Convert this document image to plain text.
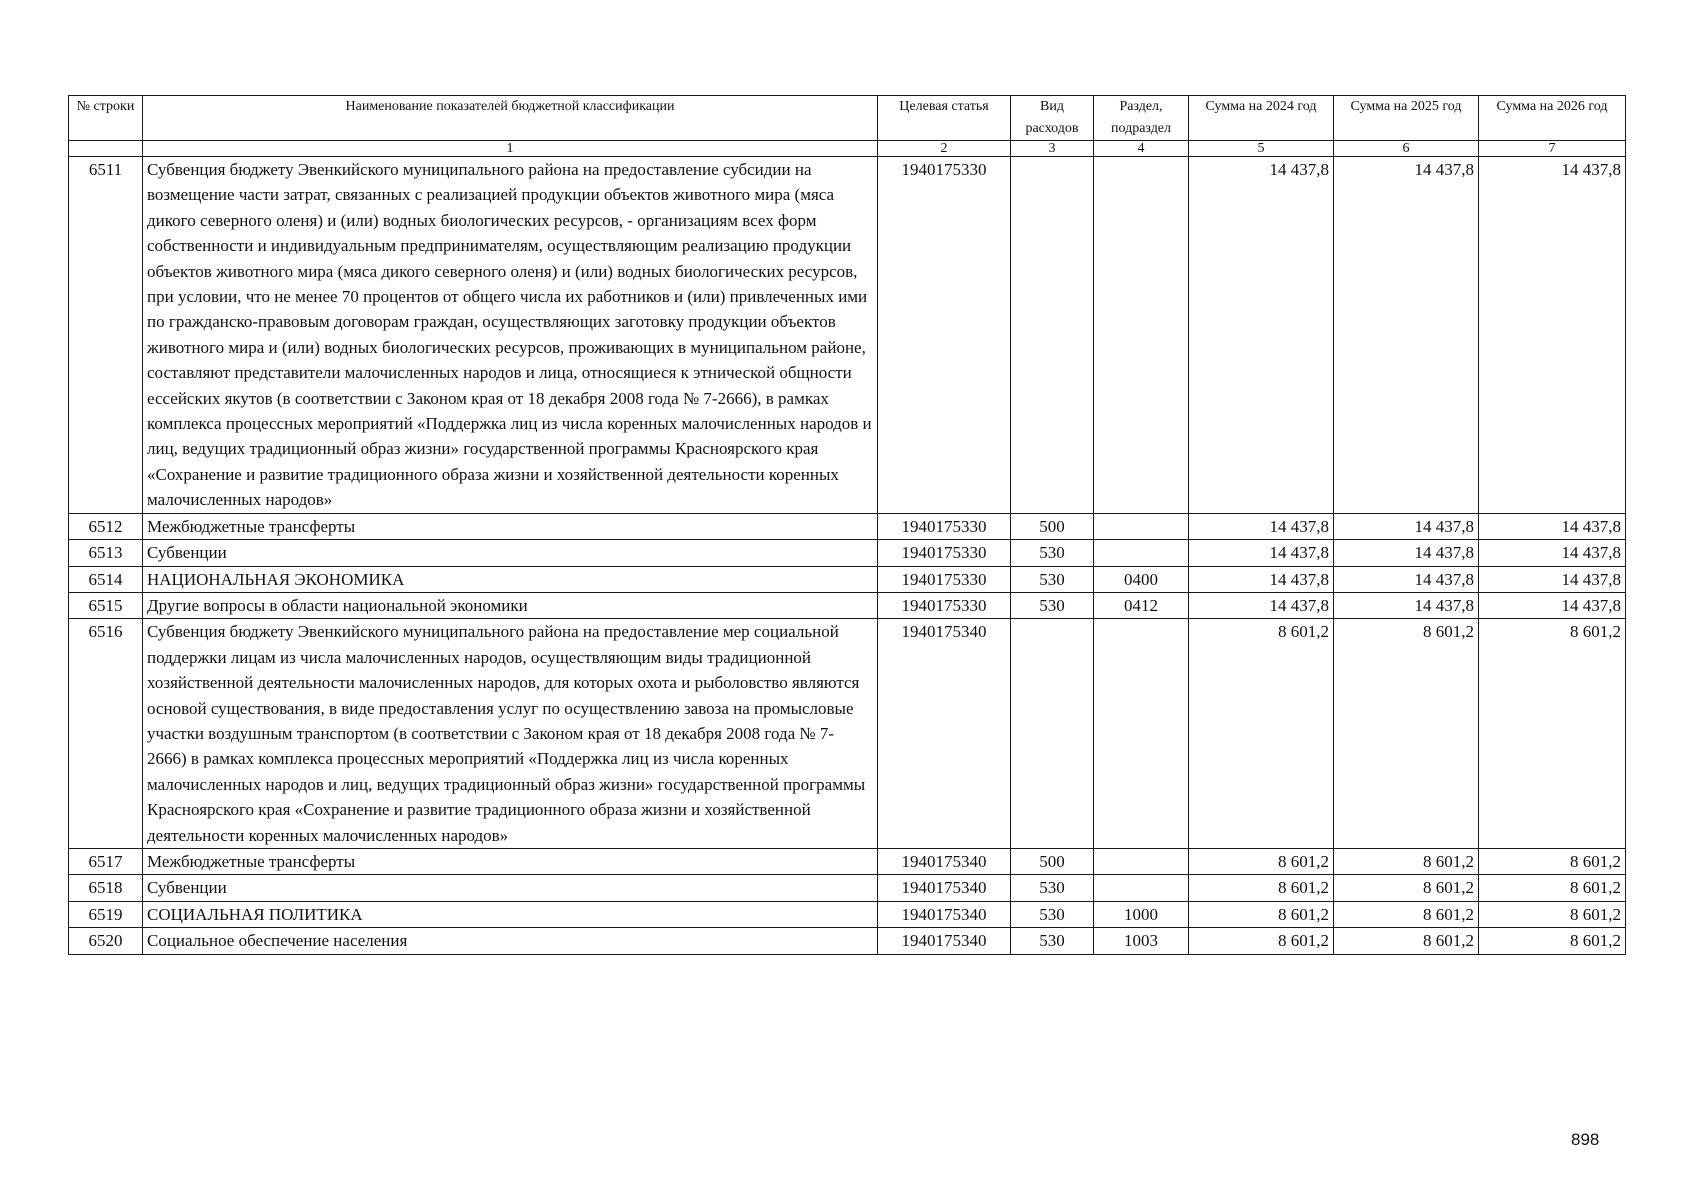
№ строки	Наименование показателей бюджетной классификации	Целевая статья	Вид расходов	Раздел, подраздел	Сумма на 2024 год	Сумма на 2025 год	Сумма на 2026 год
	1	2	3	4	5	6	7
6511	Субвенция бюджету Эвенкийского муниципального района на предоставление субсидии на возмещение части затрат, связанных с реализацией продукции объектов животного мира (мяса дикого северного оленя) и (или) водных биологических ресурсов, - организациям всех форм собственности и индивидуальным предпринимателям, осуществляющим реализацию продукции объектов животного мира (мяса дикого северного оленя) и (или) водных биологических ресурсов, при условии, что не менее 70 процентов от общего числа их работников и (или) привлеченных ими по гражданско-правовым договорам граждан, осуществляющих заготовку продукции объектов животного мира и (или) водных биологических ресурсов, проживающих в муниципальном районе, составляют представители малочисленных народов и лица, относящиеся к этнической общности ессейских якутов (в соответствии с Законом края от 18 декабря 2008 года № 7-2666), в рамках комплекса процессных мероприятий «Поддержка лиц из числа коренных малочисленных народов и лиц, ведущих традиционный образ жизни» государственной программы Красноярского края «Сохранение и развитие традиционного образа жизни и хозяйственной деятельности коренных малочисленных народов»	1940175330			14 437,8	14 437,8	14 437,8
6512	Межбюджетные трансферты	1940175330	500		14 437,8	14 437,8	14 437,8
6513	Субвенции	1940175330	530		14 437,8	14 437,8	14 437,8
6514	НАЦИОНАЛЬНАЯ ЭКОНОМИКА	1940175330	530	0400	14 437,8	14 437,8	14 437,8
6515	Другие вопросы в области национальной экономики	1940175330	530	0412	14 437,8	14 437,8	14 437,8
6516	Субвенция бюджету Эвенкийского муниципального района на предоставление мер социальной поддержки лицам из числа малочисленных народов, осуществляющим виды традиционной хозяйственной деятельности малочисленных народов, для которых охота и рыболовство являются основой существования, в виде предоставления услуг по осуществлению завоза на промысловые участки воздушным транспортом (в соответствии с Законом края от 18 декабря 2008 года № 7-2666) в рамках комплекса процессных мероприятий «Поддержка лиц из числа коренных малочисленных народов и лиц, ведущих традиционный образ жизни» государственной программы Красноярского края «Сохранение и развитие традиционного образа жизни и хозяйственной деятельности коренных малочисленных народов»	1940175340			8 601,2	8 601,2	8 601,2
6517	Межбюджетные трансферты	1940175340	500		8 601,2	8 601,2	8 601,2
6518	Субвенции	1940175340	530		8 601,2	8 601,2	8 601,2
6519	СОЦИАЛЬНАЯ ПОЛИТИКА	1940175340	530	1000	8 601,2	8 601,2	8 601,2
6520	Социальное обеспечение населения	1940175340	530	1003	8 601,2	8 601,2	8 601,2
898
